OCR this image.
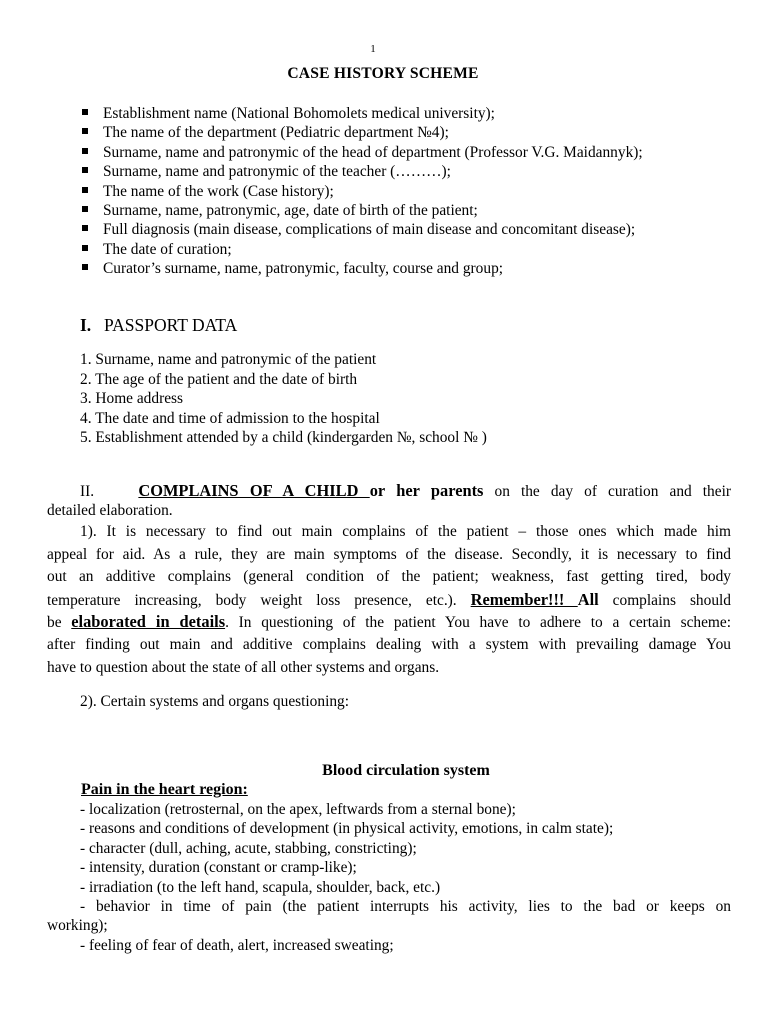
1
CASE HISTORY SCHEME
Establishment name (National Bohomolets medical university);
The name of the department (Pediatric department №4);
Surname, name and patronymic of the head of department (Professor V.G. Maidannyk);
Surname, name and patronymic of the teacher (………);
The name of the work (Case history);
Surname, name, patronymic, age, date of birth of the patient;
Full diagnosis (main disease, complications of main disease and concomitant disease);
The date of curation;
Curator’s surname, name, patronymic, faculty, course and group;
I. PASSPORT DATA
1. Surname, name and patronymic of the patient
2. The age of the patient and the date of birth
3. Home address
4. The date and time of admission to the hospital
5. Establishment attended by a child (kindergarden №, school № )
II.	COMPLAINS OF A CHILD or her parents on the day of curation and their
detailed elaboration.
1). It is necessary to find out main complains of the patient – those ones which made him
appeal for aid. As a rule, they are main symptoms of the disease. Secondly, it is necessary to find
out an additive complains (general condition of the patient; weakness, fast getting tired, body
temperature increasing, body weight loss presence, etc.). Remember!!! All complains should
be elaborated in details. In questioning of the patient You have to adhere to a certain scheme:
after finding out main and additive complains dealing with a system with prevailing damage You
have to question about the state of all other systems and organs.
2). Certain systems and organs questioning:
Blood circulation system
Pain in the heart region:
- localization (retrosternal, on the apex, leftwards from a sternal bone);
- reasons and conditions of development (in physical activity, emotions, in calm state);
- character (dull, aching, acute, stabbing, constricting);
- intensity, duration (constant or cramp-like);
- irradiation (to the left hand, scapula, shoulder, back, etc.)
- behavior in time of pain (the patient interrupts his activity, lies to the bad or keeps on
working);
- feeling of fear of death, alert, increased sweating;
